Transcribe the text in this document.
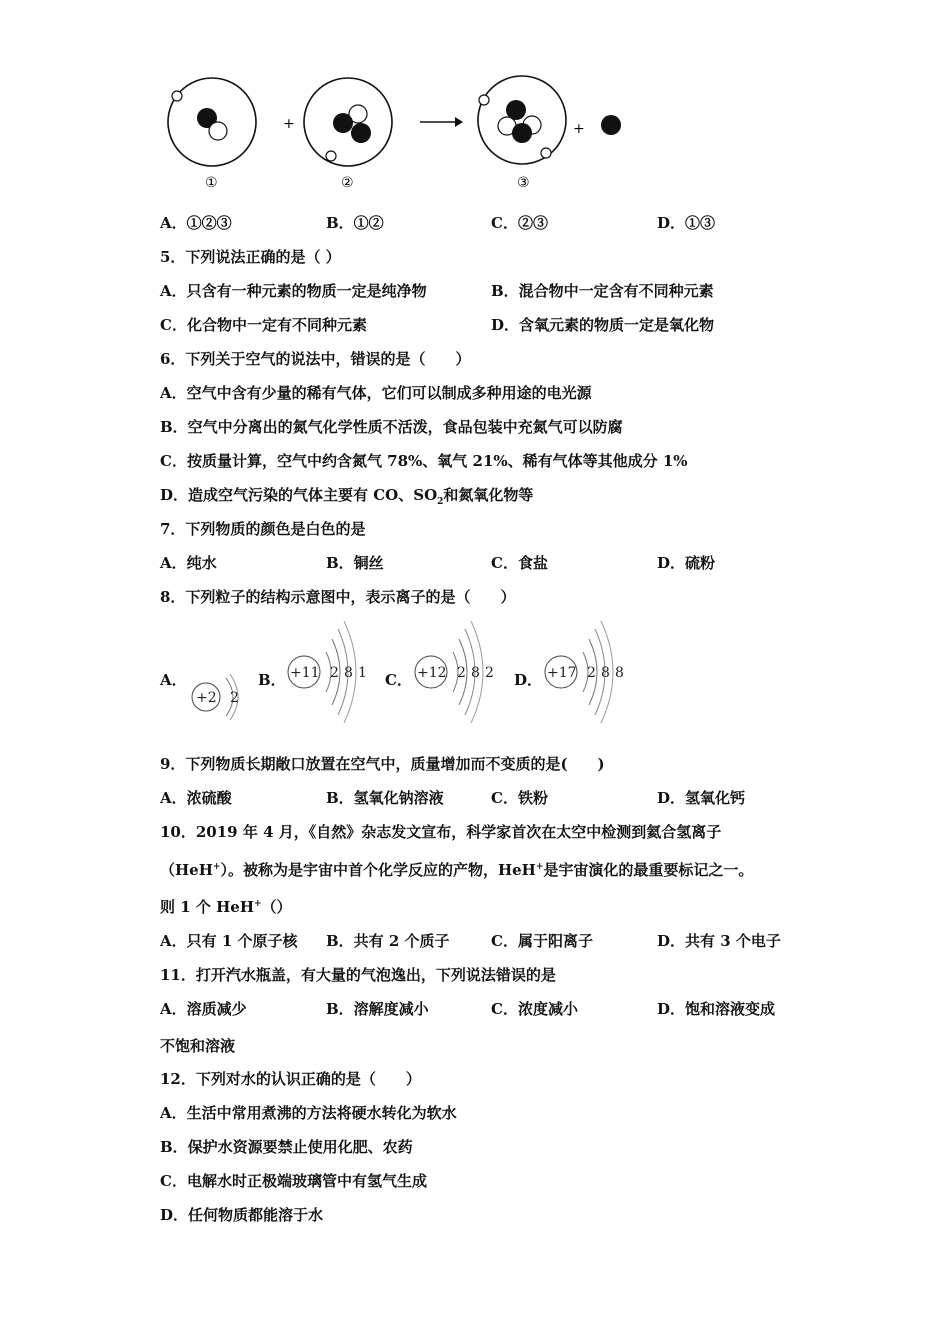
+	+
①	②	③
A．①②③	B．①②	C．②③	D．①③
5．下列说法正确的是（ ）
A．只含有一种元素的物质一定是纯净物	B．混合物中一定含有不同种元素
C．化合物中一定有不同种元素	D．含氧元素的物质一定是氧化物
6．下列关于空气的说法中，错误的是（　　）
A．空气中含有少量的稀有气体，它们可以制成多种用途的电光源
B．空气中分离出的氮气化学性质不活泼，食品包装中充氮气可以防腐
C．按质量计算，空气中约含氮气 78%、氧气 21%、稀有气体等其他成分 1%
D．造成空气污染的气体主要有 CO、$SO_2$和氮氧化物等
7．下列物质的颜色是白色的是
A．纯水	B．铜丝	C．食盐	D．硫粉
8．下列粒子的结构示意图中，表示离子的是（　　）
A．	B．	C．	D．
+2 2
+11 2 8 1	+12 2 8 2	+17 2 8 8
9．下列物质长期敞口放置在空气中，质量增加而不变质的是(　　)
A．浓硫酸	B．氢氧化钠溶液	C．铁粉	D．氢氧化钙
10．2019 年 4 月，《自然》杂志发文宣布，科学家首次在太空中检测到氦合氢离子
（HeH+）。被称为是宇宙中首个化学反应的产物，HeH+是宇宙演化的最重要标记之一。
则 1 个 HeH+（）
A．只有 1 个原子核 B．共有 2 个质子	C．属于阳离子	D．共有 3 个电子
11．打开汽水瓶盖，有大量的气泡逸出，下列说法错误的是
A．溶质减少	B．溶解度减小	C．浓度减小	D．饱和溶液变成
不饱和溶液
12．下列对水的认识正确的是（　　）
A．生活中常用煮沸的方法将硬水转化为软水
B．保护水资源要禁止使用化肥、农药
C．电解水时正极端玻璃管中有氢气生成
D．任何物质都能溶于水
